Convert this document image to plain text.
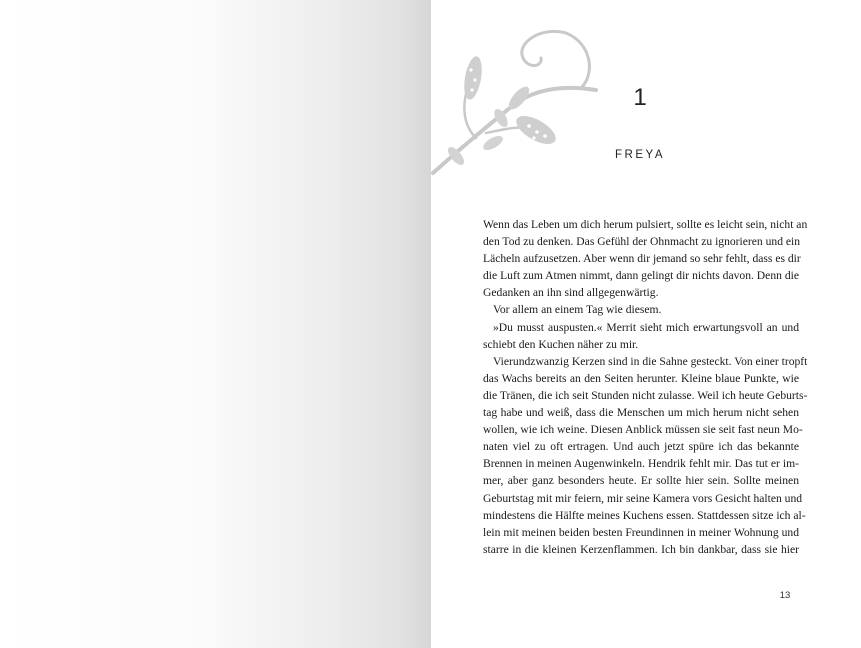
1
FREYA
Wenn das Leben um dich herum pulsiert, sollte es leicht sein, nicht an
den Tod zu denken. Das Gefühl der Ohnmacht zu ignorieren und ein
Lächeln aufzusetzen. Aber wenn dir jemand so sehr fehlt, dass es dir
die Luft zum Atmen nimmt, dann gelingt dir nichts davon. Denn die
Gedanken an ihn sind allgegenwärtig.
Vor allem an einem Tag wie diesem.
»Du musst auspusten.« Merrit sieht mich erwartungsvoll an und
schiebt den Kuchen näher zu mir.
Vierundzwanzig Kerzen sind in die Sahne gesteckt. Von einer tropft
das Wachs bereits an den Seiten herunter. Kleine blaue Punkte, wie
die Tränen, die ich seit Stunden nicht zulasse. Weil ich heute Geburts-
tag habe und weiß, dass die Menschen um mich herum nicht sehen
wollen, wie ich weine. Diesen Anblick müssen sie seit fast neun Mo-
naten viel zu oft ertragen. Und auch jetzt spüre ich das bekannte
Brennen in meinen Augenwinkeln. Hendrik fehlt mir. Das tut er im-
mer, aber ganz besonders heute. Er sollte hier sein. Sollte meinen
Geburtstag mit mir feiern, mir seine Kamera vors Gesicht halten und
mindestens die Hälfte meines Kuchens essen. Stattdessen sitze ich al-
lein mit meinen beiden besten Freundinnen in meiner Wohnung und
starre in die kleinen Kerzenflammen. Ich bin dankbar, dass sie hier
13
